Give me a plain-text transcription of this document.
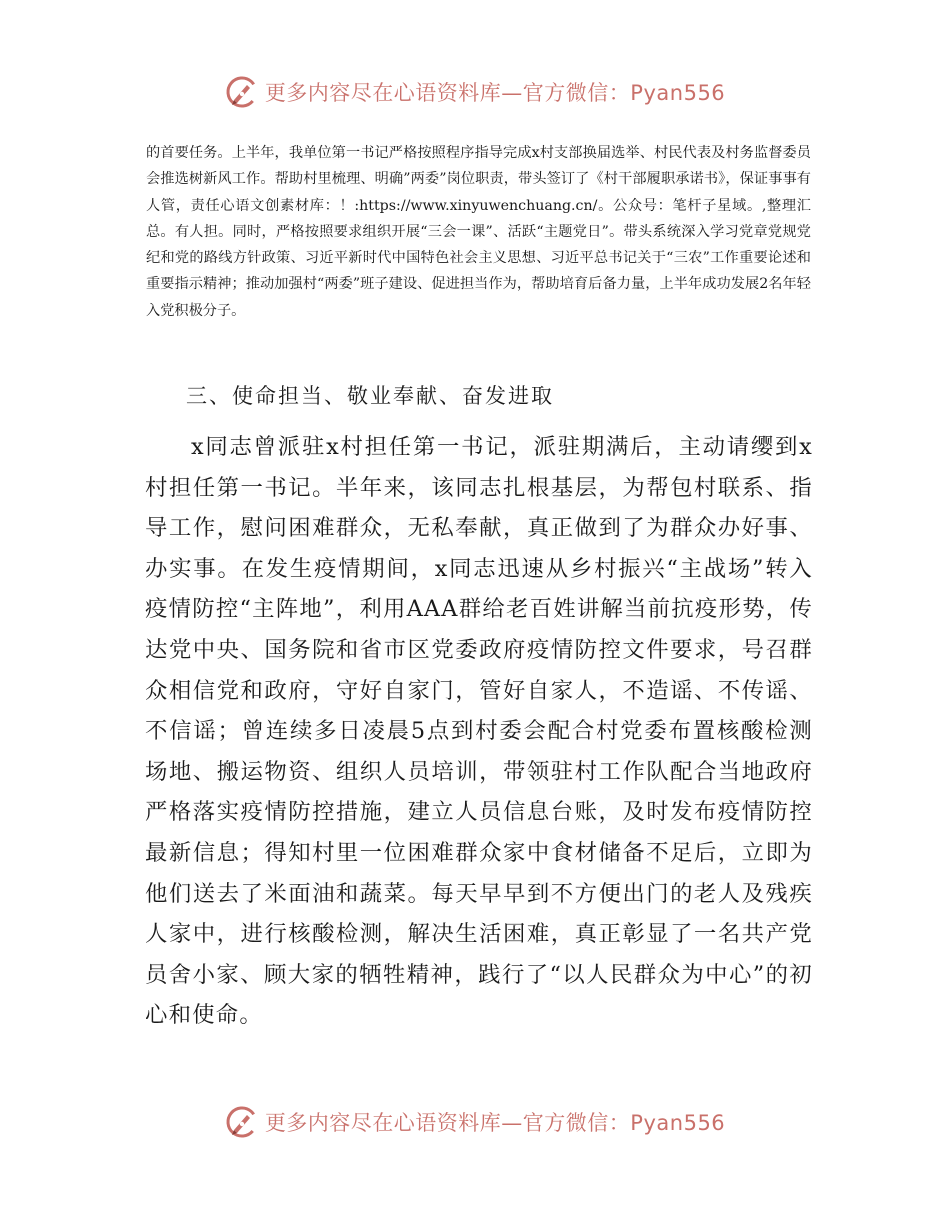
更多内容尽在心语资料库—官方微信：Pyan556

的首要任务。上半年，我单位第一书记严格按照程序指导完成x村支部换届选举、村民代表及村务监督委员会推选树新风工作。帮助村里梳理、明确”两委”岗位职责，带头签订了《村干部履职承诺书》，保证事事有人管，责任心语文创素材库：！:https://www.xinyuwenchuang.cn/。公众号：笔杆子星域。,整理汇总。有人担。同时，严格按照要求组织开展“三会一课”、活跃“主题党日”。带头系统深入学习党章党规党纪和党的路线方针政策、习近平新时代中国特色社会主义思想、习近平总书记关于“三农”工作重要论述和重要指示精神；推动加强村“两委”班子建设、促进担当作为，帮助培育后备力量，上半年成功发展2名年轻入党积极分子。

三、使命担当、敬业奉献、奋发进取

x同志曾派驻x村担任第一书记，派驻期满后，主动请缨到x村担任第一书记。半年来，该同志扎根基层，为帮包村联系、指导工作，慰问困难群众，无私奉献，真正做到了为群众办好事、办实事。在发生疫情期间，x同志迅速从乡村振兴“主战场”转入疫情防控“主阵地”，利用AAA群给老百姓讲解当前抗疫形势，传达党中央、国务院和省市区党委政府疫情防控文件要求，号召群众相信党和政府，守好自家门，管好自家人，不造谣、不传谣、不信谣；曾连续多日凌晨5点到村委会配合村党委布置核酸检测场地、搬运物资、组织人员培训，带领驻村工作队配合当地政府严格落实疫情防控措施，建立人员信息台账，及时发布疫情防控最新信息；得知村里一位困难群众家中食材储备不足后，立即为他们送去了米面油和蔬菜。每天早早到不方便出门的老人及残疾人家中，进行核酸检测，解决生活困难，真正彰显了一名共产党员舍小家、顾大家的牺牲精神，践行了“以人民群众为中心”的初心和使命。

更多内容尽在心语资料库—官方微信：Pyan556
